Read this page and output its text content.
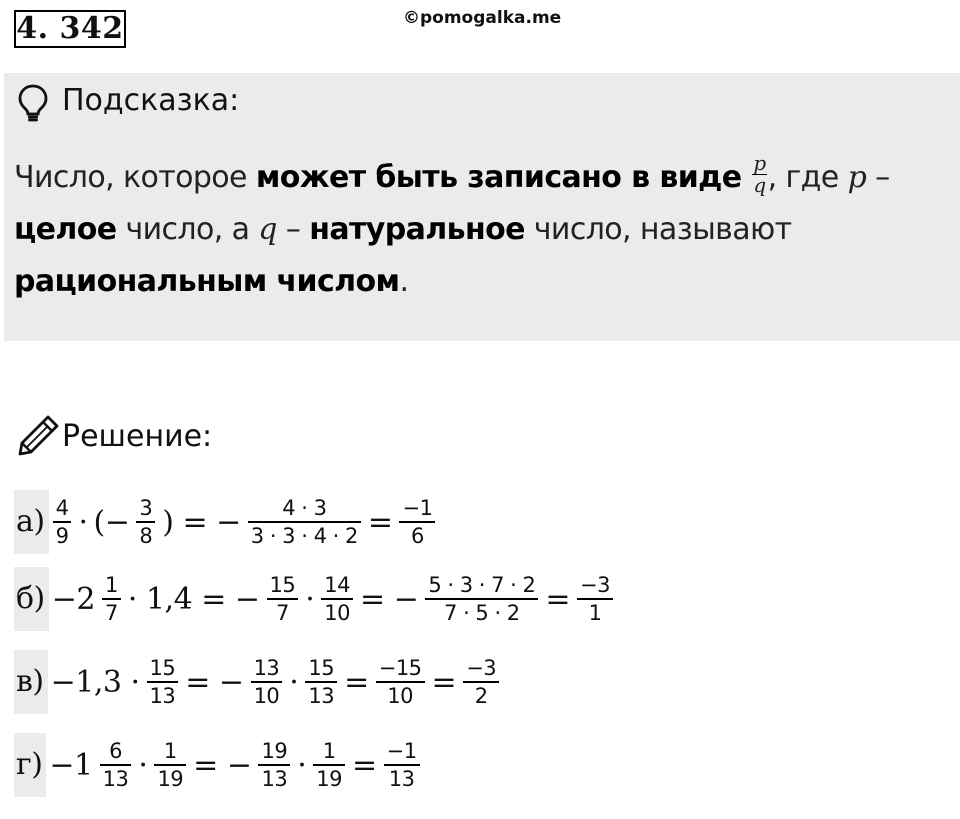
4. 342	©pomogalka.me
Подсказка:
Число, которое может быть записано в виде $\frac{p}{q}$ , где p – целое число, а q – натуральное число, называют рациональным числом.
Решение:
а) 4
9 · (− $\frac{3}{8}$ ) = − $\frac{4 \cdot 3}{3 \cdot 3 \cdot 4 \cdot 2} = \frac{-1}{6}$
б) −2 1
7 · 1,4 = − $\frac{15}{7} \cdot \frac{14}{10}$ = − $\frac{5 \cdot 3 \cdot 7 \cdot 2}{7 \cdot 5 \cdot 2} = \frac{-3}{1}$
$в) -1,3 \cdot \frac{15}{13}$ = − $\frac{13}{10} \cdot \frac{15}{13} = \frac{-15}{10} = \frac{-3}{2}$
г) −1 6
$13 \cdot \frac{1}{19}$ = − $\frac{19}{13} \cdot \frac{1}{19} = \frac{-1}{13}$
